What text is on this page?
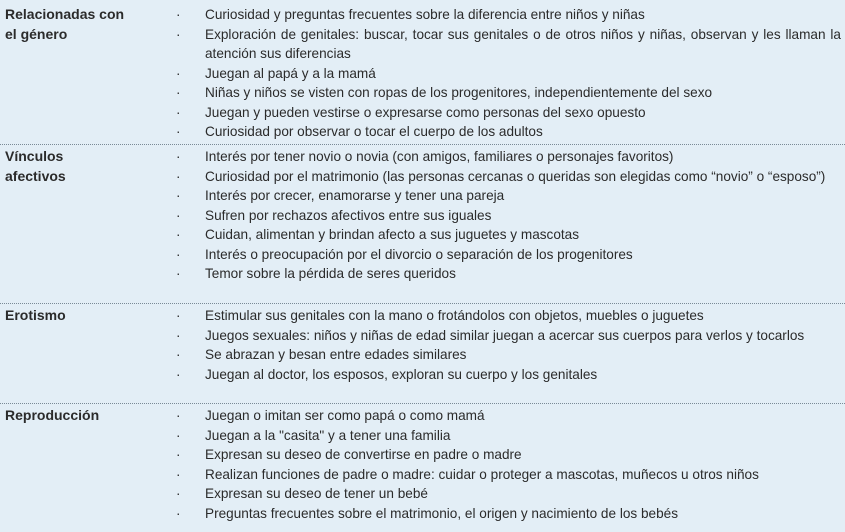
Relacionadas con
el género
· Curiosidad y preguntas frecuentes sobre la diferencia entre niños y niñas
· Exploración de genitales: buscar, tocar sus genitales o de otros niños y niñas, observan y les llaman la atención sus diferencias
· Juegan al papá y a la mamá
· Niñas y niños se visten con ropas de los progenitores, independientemente del sexo
· Juegan y pueden vestirse o expresarse como personas del sexo opuesto
· Curiosidad por observar o tocar el cuerpo de los adultos
Vínculos
afectivos
· Interés por tener novio o novia (con amigos, familiares o personajes favoritos)
· Curiosidad por el matrimonio (las personas cercanas o queridas son elegidas como “novio” o “esposo”)
· Interés por crecer, enamorarse y tener una pareja
· Sufren por rechazos afectivos entre sus iguales
· Cuidan, alimentan y brindan afecto a sus juguetes y mascotas
· Interés o preocupación por el divorcio o separación de los progenitores
· Temor sobre la pérdida de seres queridos
Erotismo	· Estimular sus genitales con la mano o frotándolos con objetos, muebles o juguetes
· Juegos sexuales: niños y niñas de edad similar juegan a acercar sus cuerpos para verlos y tocarlos
· Se abrazan y besan entre edades similares
· Juegan al doctor, los esposos, exploran su cuerpo y los genitales
Reproducción	· Juegan o imitan ser como papá o como mamá
· Juegan a la "casita" y a tener una familia
· Expresan su deseo de convertirse en padre o madre
· Realizan funciones de padre o madre: cuidar o proteger a mascotas, muñecos u otros niños
· Expresan su deseo de tener un bebé
· Preguntas frecuentes sobre el matrimonio, el origen y nacimiento de los bebés
